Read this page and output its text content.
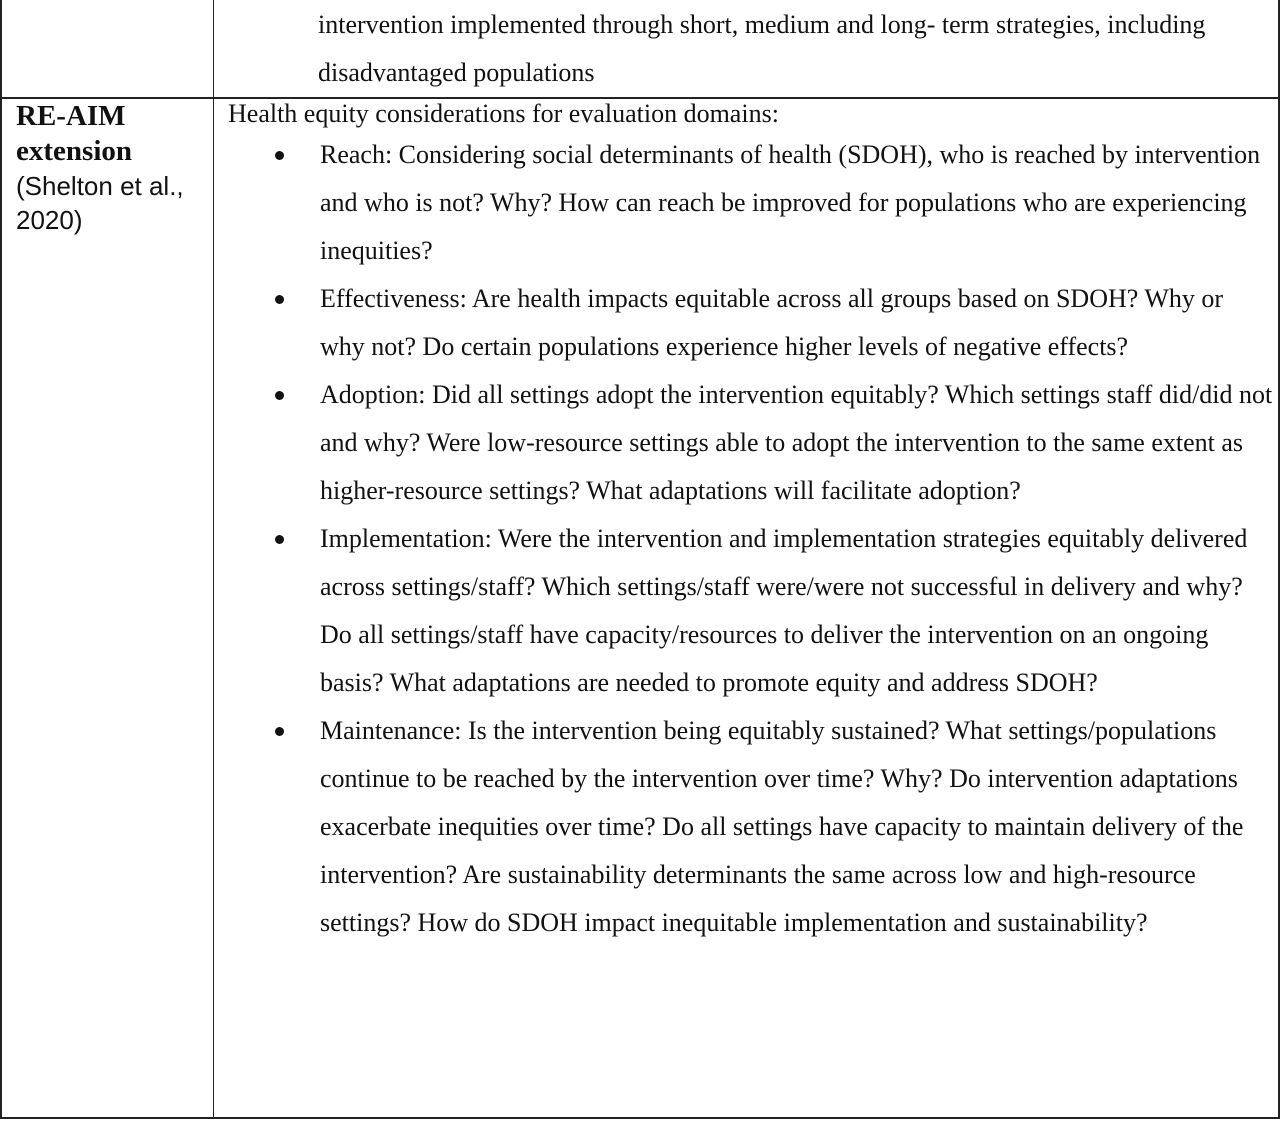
intervention implemented through short, medium and long- term strategies, including disadvantaged populations
RE-AIM extension
(Shelton et al., 2020)

Health equity considerations for evaluation domains:

Reach: Considering social determinants of health (SDOH), who is reached by intervention and who is not? Why? How can reach be improved for populations who are experiencing inequities?
Effectiveness: Are health impacts equitable across all groups based on SDOH? Why or why not? Do certain populations experience higher levels of negative effects?
Adoption: Did all settings adopt the intervention equitably? Which settings staff did/did not and why? Were low-resource settings able to adopt the intervention to the same extent as higher-resource settings? What adaptations will facilitate adoption?
Implementation: Were the intervention and implementation strategies equitably delivered across settings/staff? Which settings/staff were/were not successful in delivery and why? Do all settings/staff have capacity/resources to deliver the intervention on an ongoing basis? What adaptations are needed to promote equity and address SDOH?
Maintenance: Is the intervention being equitably sustained? What settings/populations continue to be reached by the intervention over time? Why? Do intervention adaptations exacerbate inequities over time? Do all settings have capacity to maintain delivery of the intervention? Are sustainability determinants the same across low and high-resource settings? How do SDOH impact inequitable implementation and sustainability?
